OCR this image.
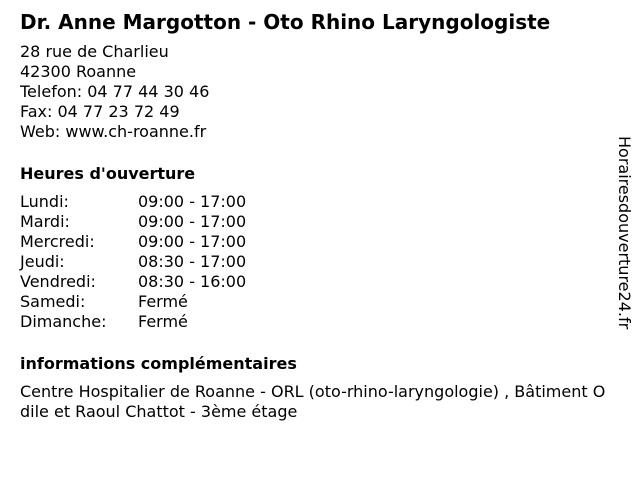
Dr. Anne Margotton - Oto Rhino Laryngologiste
28 rue de Charlieu
42300 Roanne
Telefon: 04 77 44 30 46
Fax: 04 77 23 72 49
Web: www.ch-roanne.fr
Heures d'ouverture
Lundi:	09:00 - 17:00
Mardi:	09:00 - 17:00
Mercredi:	09:00 - 17:00
Jeudi:	08:30 - 17:00
Vendredi:	08:30 - 16:00
Samedi:	Fermé
Dimanche:	Fermé
informations complémentaires
Centre Hospitalier de Roanne - ORL (oto-rhino-laryngologie) , Bâtiment Odile et Raoul Chattot - 3ème étage
Horairesdouverture24.fr
